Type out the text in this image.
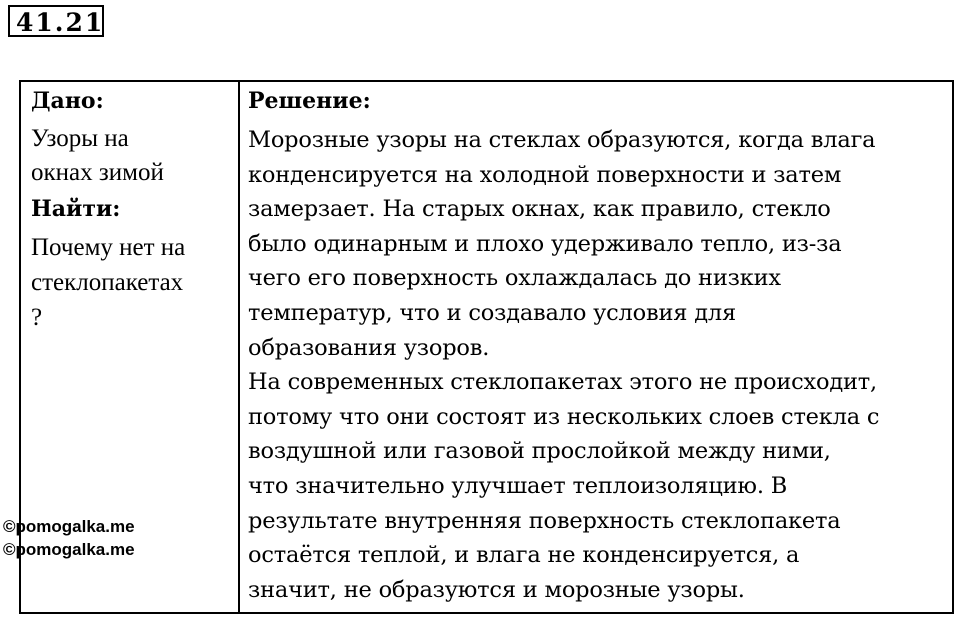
41.21

Дано:

Узоры на
окнах зимой

Найти:

Почему нет на
стеклопакетах
?

Решение:

Морозные узоры на стеклах образуются, когда влага
конденсируется на холодной поверхности и затем
замерзает. На старых окнах, как правило, стекло
было одинарным и плохо удерживало тепло, из-за
чего его поверхность охлаждалась до низких
температур, что и создавало условия для
образования узоров.
На современных стеклопакетах этого не происходит,
потому что они состоят из нескольких слоев стекла с
воздушной или газовой прослойкой между ними,
что значительно улучшает теплоизоляцию. В
результате внутренняя поверхность стеклопакета
остаётся теплой, и влага не конденсируется, а
значит, не образуются и морозные узоры.

©pomogalka.me
©pomogalka.me
